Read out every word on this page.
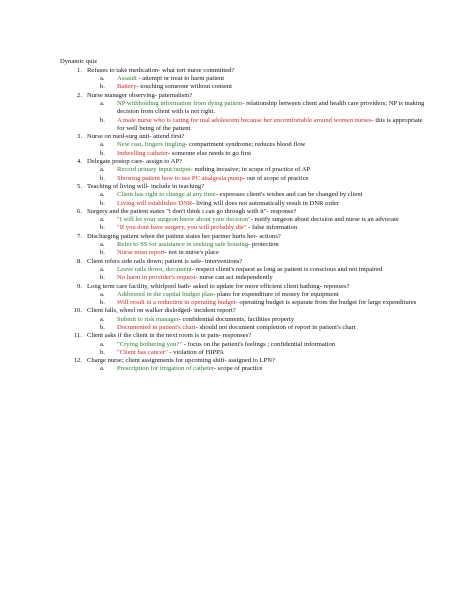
Dynamic quiz
1. Refuses to take medication- what tort nurse committed?
a. Assault - attempt or treat to harm patient
b. Battery- touching someone without consent
2. Nurse manager observing- paternalism?
a. NP withholding information from dying patient- relationship between client and health care providers; NP is making decision from client with is not right.
b. A male nurse who is caring for mal adolescent because her uncomfortable around women nurses- this is appropriate for well being of the patient
3. Nurse on med-surg unit- attend first?
a. New cast, fingers tingling- compartment syndrome; reduces blood flow
b. Indwelling catheter- someone else needs to go first
4. Delegate postop care- assign to AP?
a. Record urinary input/output- nothing invasive; in scope of practice of AP
b. Showing patient how to use PC analgesia pump- out of scope of practice
5. Teaching of living will- include in teaching?
a. Client has right to change at any time- expresses client's wishes and can be changed by client
b. Living will establishes DNR- living will does not automatically result in DNR order
6. Surgery and the patient states "i don't think i can go through with it"- response?
a. "I will let your surgeon know about your decision"- notify surgeon about decision and nurse is an advocate
b. "If you dont have surgery, you will probably die" - false information
7. Discharging patient when the patient states her partner hurts her- actions?
a. Refer to SS for assistance in seeking safe housing- protection
b. Nurse must report- not in nurse's place
8. Client refers side rails down; patient is safe- interventions?
a. Leave rails down, document- respect client's request as long as patient is conscious and not impaired
b. No harm in provider's request- nurse can act independently
9. Long term care facility, whirlpool bath- asked to update for more efficient client bathing- reponses?
a. Addressed in the capital budget plan- plans for expenditure of money for equipment
b. Will result in a reduction in operating budget- operating budget is separate from the budget for large expenditures
10. Client falls, wheel on walker dislodged- incident report?
a. Submit to risk manager- confidential documents, facilities property
b. Documented in patient's chart- should not document completion of report in patient's chart
11. Client asks if the client in the next room is in pain- responses?
a. "Crying bothering you?" - focus on the patient's feelings ; confidential information
b. "Client has cancer" - violation of HIPPA
12. Charge nurse; client assignments for upcoming shift- assigned to LPN?
a. Prescription for irrigation of catheter- scope of practice
